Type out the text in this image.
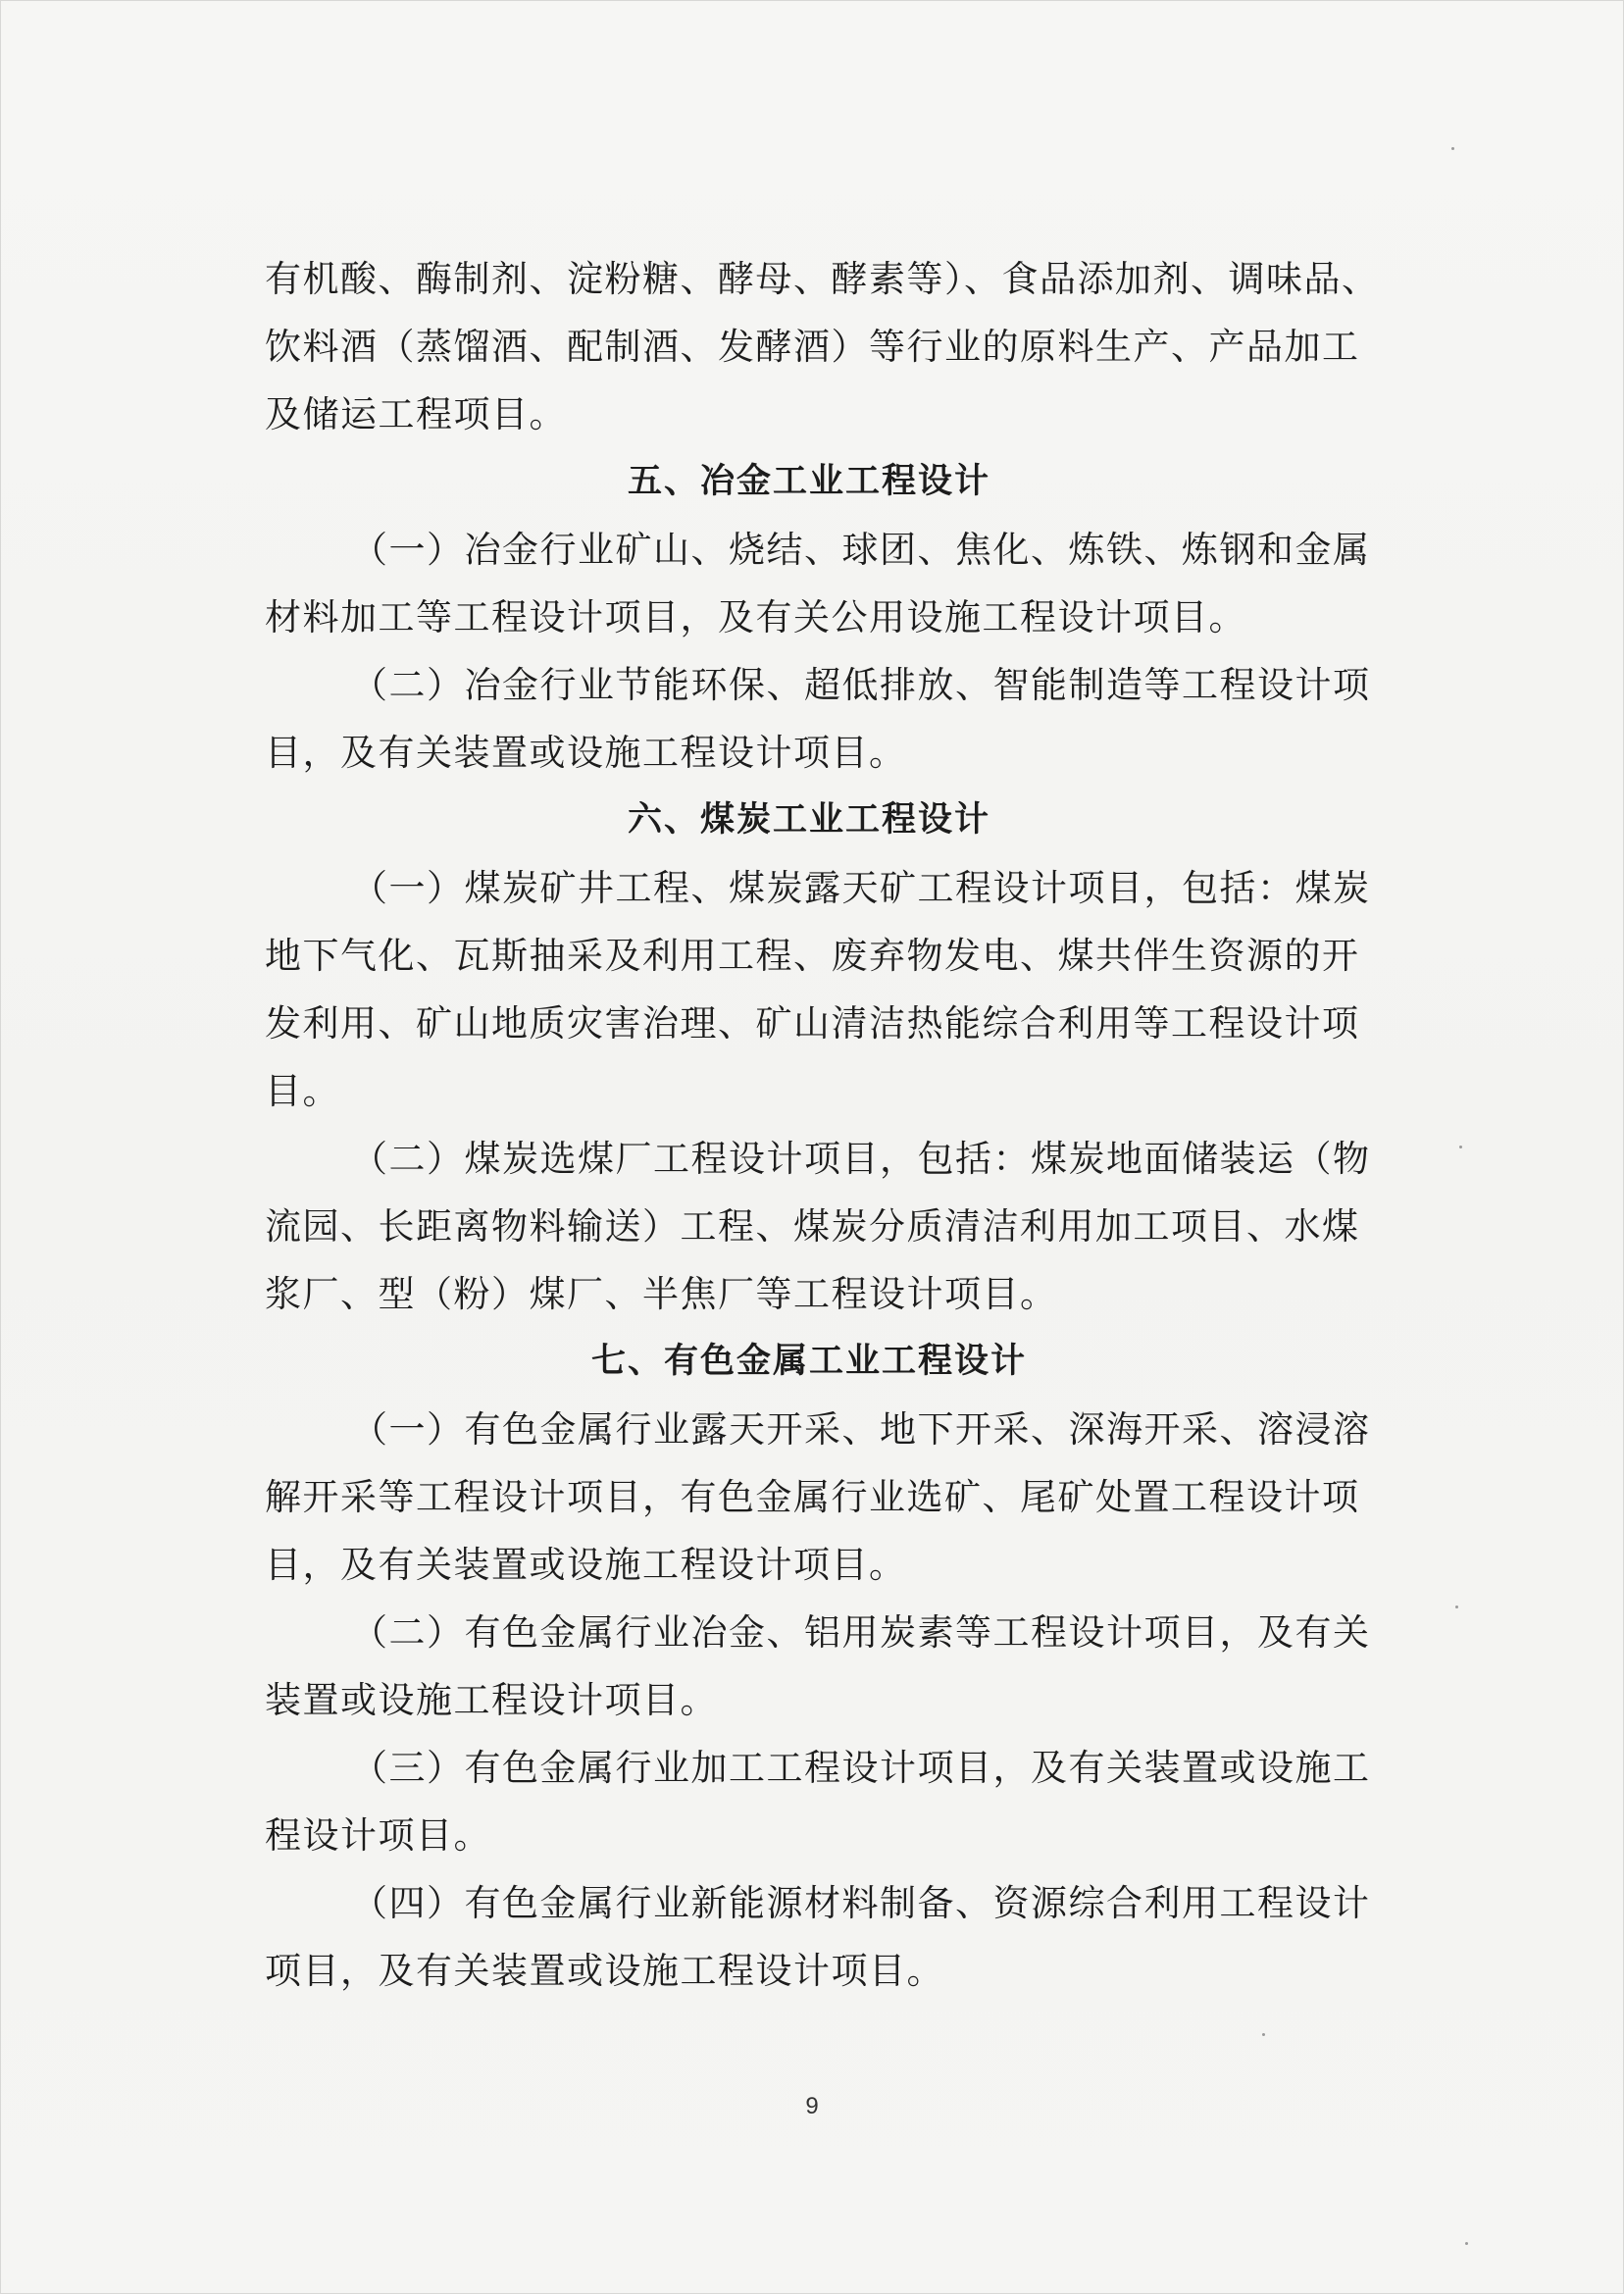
有机酸、酶制剂、淀粉糖、酵母、酵素等）、食品添加剂、调味品、
饮料酒（蒸馏酒、配制酒、发酵酒）等行业的原料生产、产品加工
及储运工程项目。
五、冶金工业工程设计
（一）冶金行业矿山、烧结、球团、焦化、炼铁、炼钢和金属
材料加工等工程设计项目，及有关公用设施工程设计项目。
（二）冶金行业节能环保、超低排放、智能制造等工程设计项
目，及有关装置或设施工程设计项目。
六、煤炭工业工程设计
（一）煤炭矿井工程、煤炭露天矿工程设计项目，包括：煤炭
地下气化、瓦斯抽采及利用工程、废弃物发电、煤共伴生资源的开
发利用、矿山地质灾害治理、矿山清洁热能综合利用等工程设计项
目。
（二）煤炭选煤厂工程设计项目，包括：煤炭地面储装运（物
流园、长距离物料输送）工程、煤炭分质清洁利用加工项目、水煤
浆厂、型（粉）煤厂、半焦厂等工程设计项目。
七、有色金属工业工程设计
（一）有色金属行业露天开采、地下开采、深海开采、溶浸溶
解开采等工程设计项目，有色金属行业选矿、尾矿处置工程设计项
目，及有关装置或设施工程设计项目。
（二）有色金属行业冶金、铝用炭素等工程设计项目，及有关
装置或设施工程设计项目。
（三）有色金属行业加工工程设计项目，及有关装置或设施工
程设计项目。
（四）有色金属行业新能源材料制备、资源综合利用工程设计
项目，及有关装置或设施工程设计项目。
9
